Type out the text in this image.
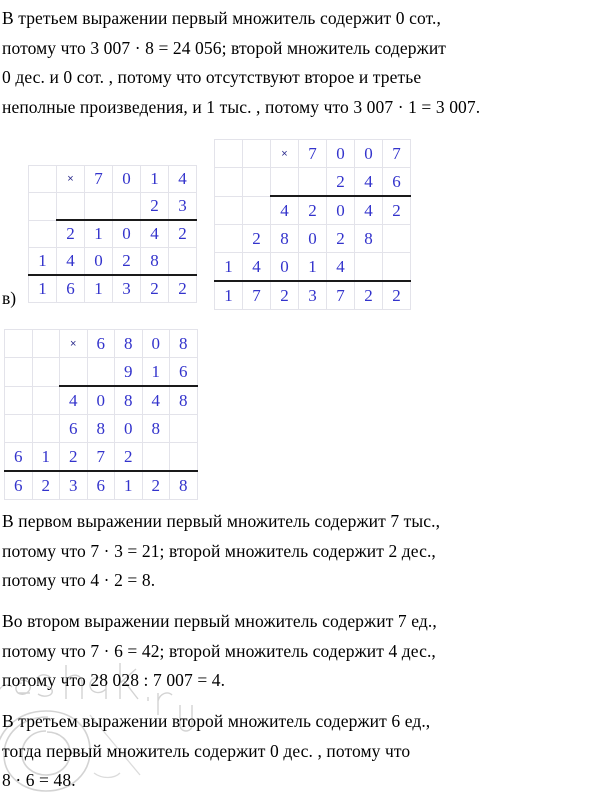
В третьем выражении первый множитель содержит 0 сот.,
потому что 3 007 · 8 = 24 056; второй множитель содержит
0 дес. и 0 сот. , потому что отсутствуют второе и третье
неполные произведения, и 1 тыс. , потому что 3 007 · 1 = 3 007.
в)
	×	7	0	1	4
				2	3
	2	1	0	4	2
1	4	0	2	8	
1	6	1	3	2	2
		×	7	0	0	7
				2	4	6
		4	2	0	4	2
	2	8	0	2	8	
1	4	0	1	4		
1	7	2	3	7	2	2
		×	6	8	0	8
				9	1	6
		4	0	8	4	8
		6	8	0	8	
6	1	2	7	2		
6	2	3	6	1	2	8
В первом выражении первый множитель содержит 7 тыс.,
потому что 7 · 3 = 21; второй множитель содержит 2 дес.,
потому что 4 · 2 = 8.
Во втором выражении первый множитель содержит 7 ед.,
потому что 7 · 6 = 42; второй множитель содержит 4 дес.,
потому что 28 028 : 7 007 = 4.
В третьем выражении второй множитель содержит 6 ед.,
тогда первый множитель содержит 0 дес. , потому что
8 · 6 = 48.
